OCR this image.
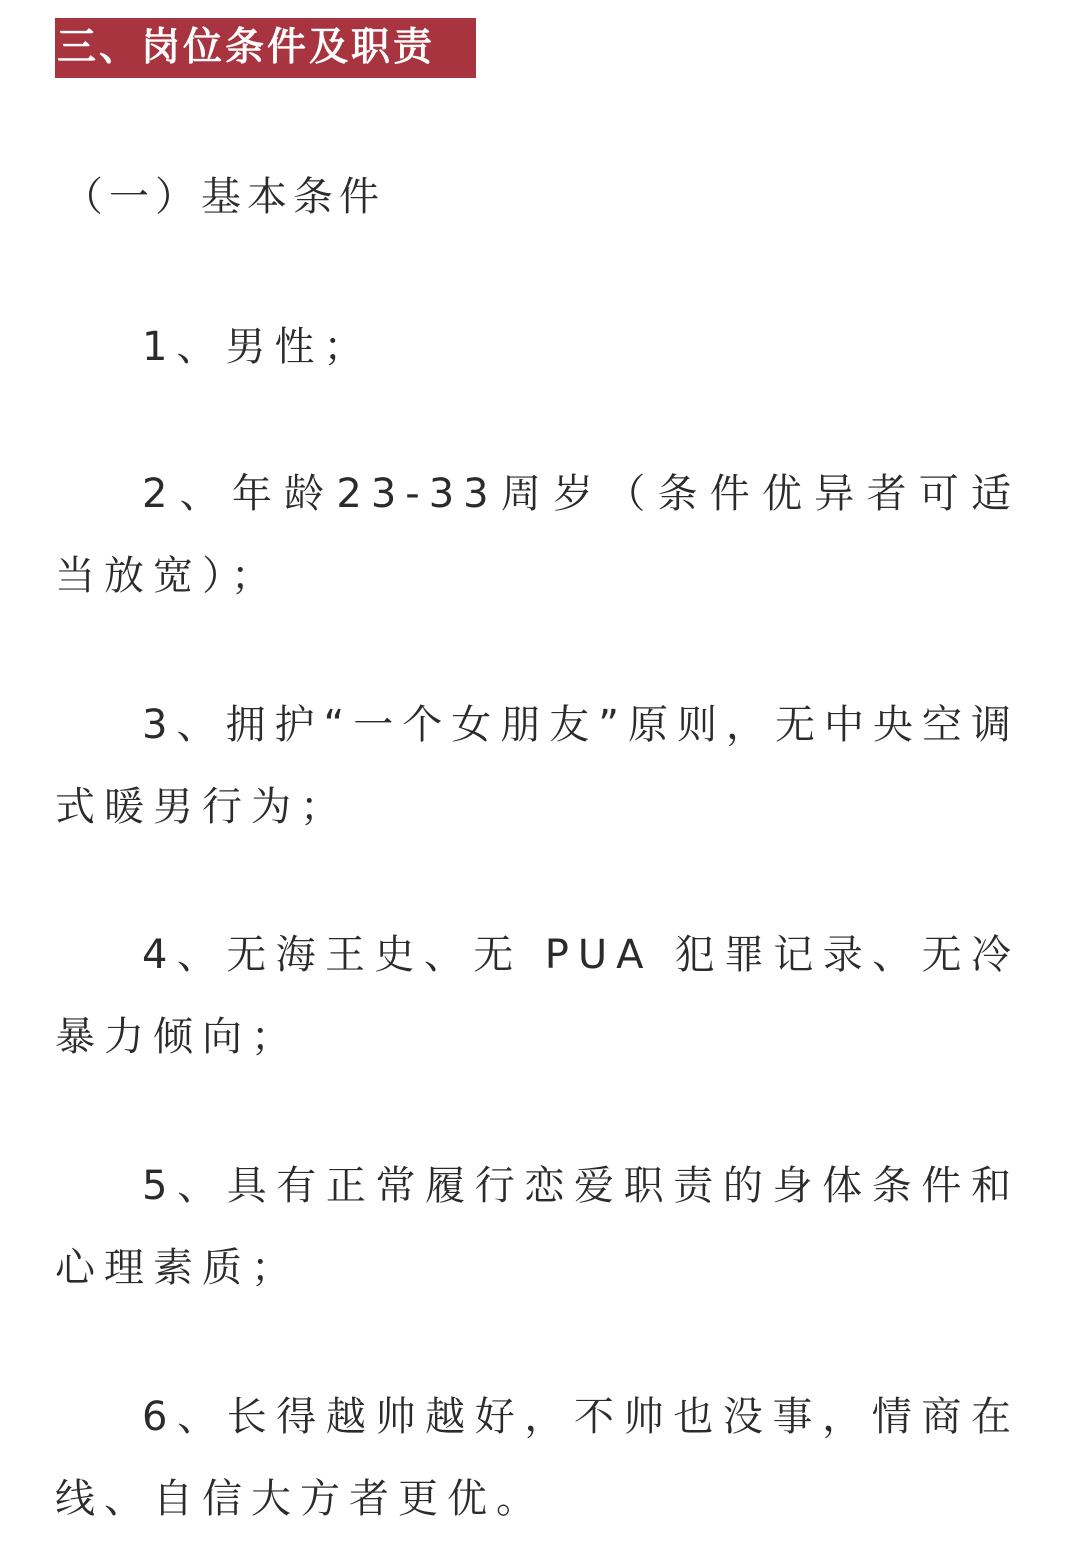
三、岗位条件及职责
（一）基本条件
1、男性；
2、年龄23-33周岁（条件优异者可适当放宽）；
3、拥护“一个女朋友”原则，无中央空调式暖男行为；
4、无海王史、无 PUA 犯罪记录、无冷暴力倾向；
5、具有正常履行恋爱职责的身体条件和心理素质；
6、长得越帅越好，不帅也没事，情商在线、自信大方者更优。
